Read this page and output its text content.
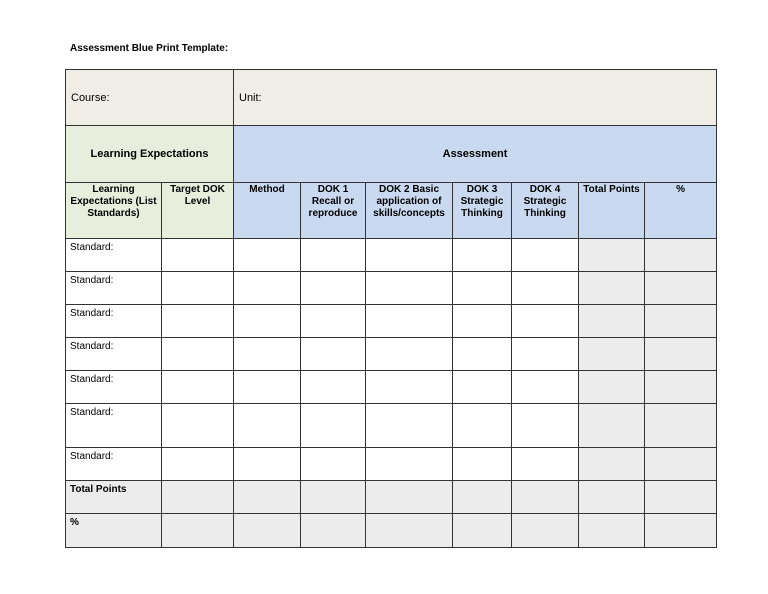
Assessment Blue Print Template:
Course:		Unit:						
Learning Expectations		Assessment						
Learning Expectations (List Standards)	Target DOK Level	Method	DOK 1 Recall or reproduce	DOK 2 Basic application of skills/concepts	DOK 3 Strategic Thinking	DOK 4 Strategic Thinking	Total Points	%
Standard:								
Standard:								
Standard:								
Standard:								
Standard:								
Standard:								
Standard:								
Total Points								
%								
